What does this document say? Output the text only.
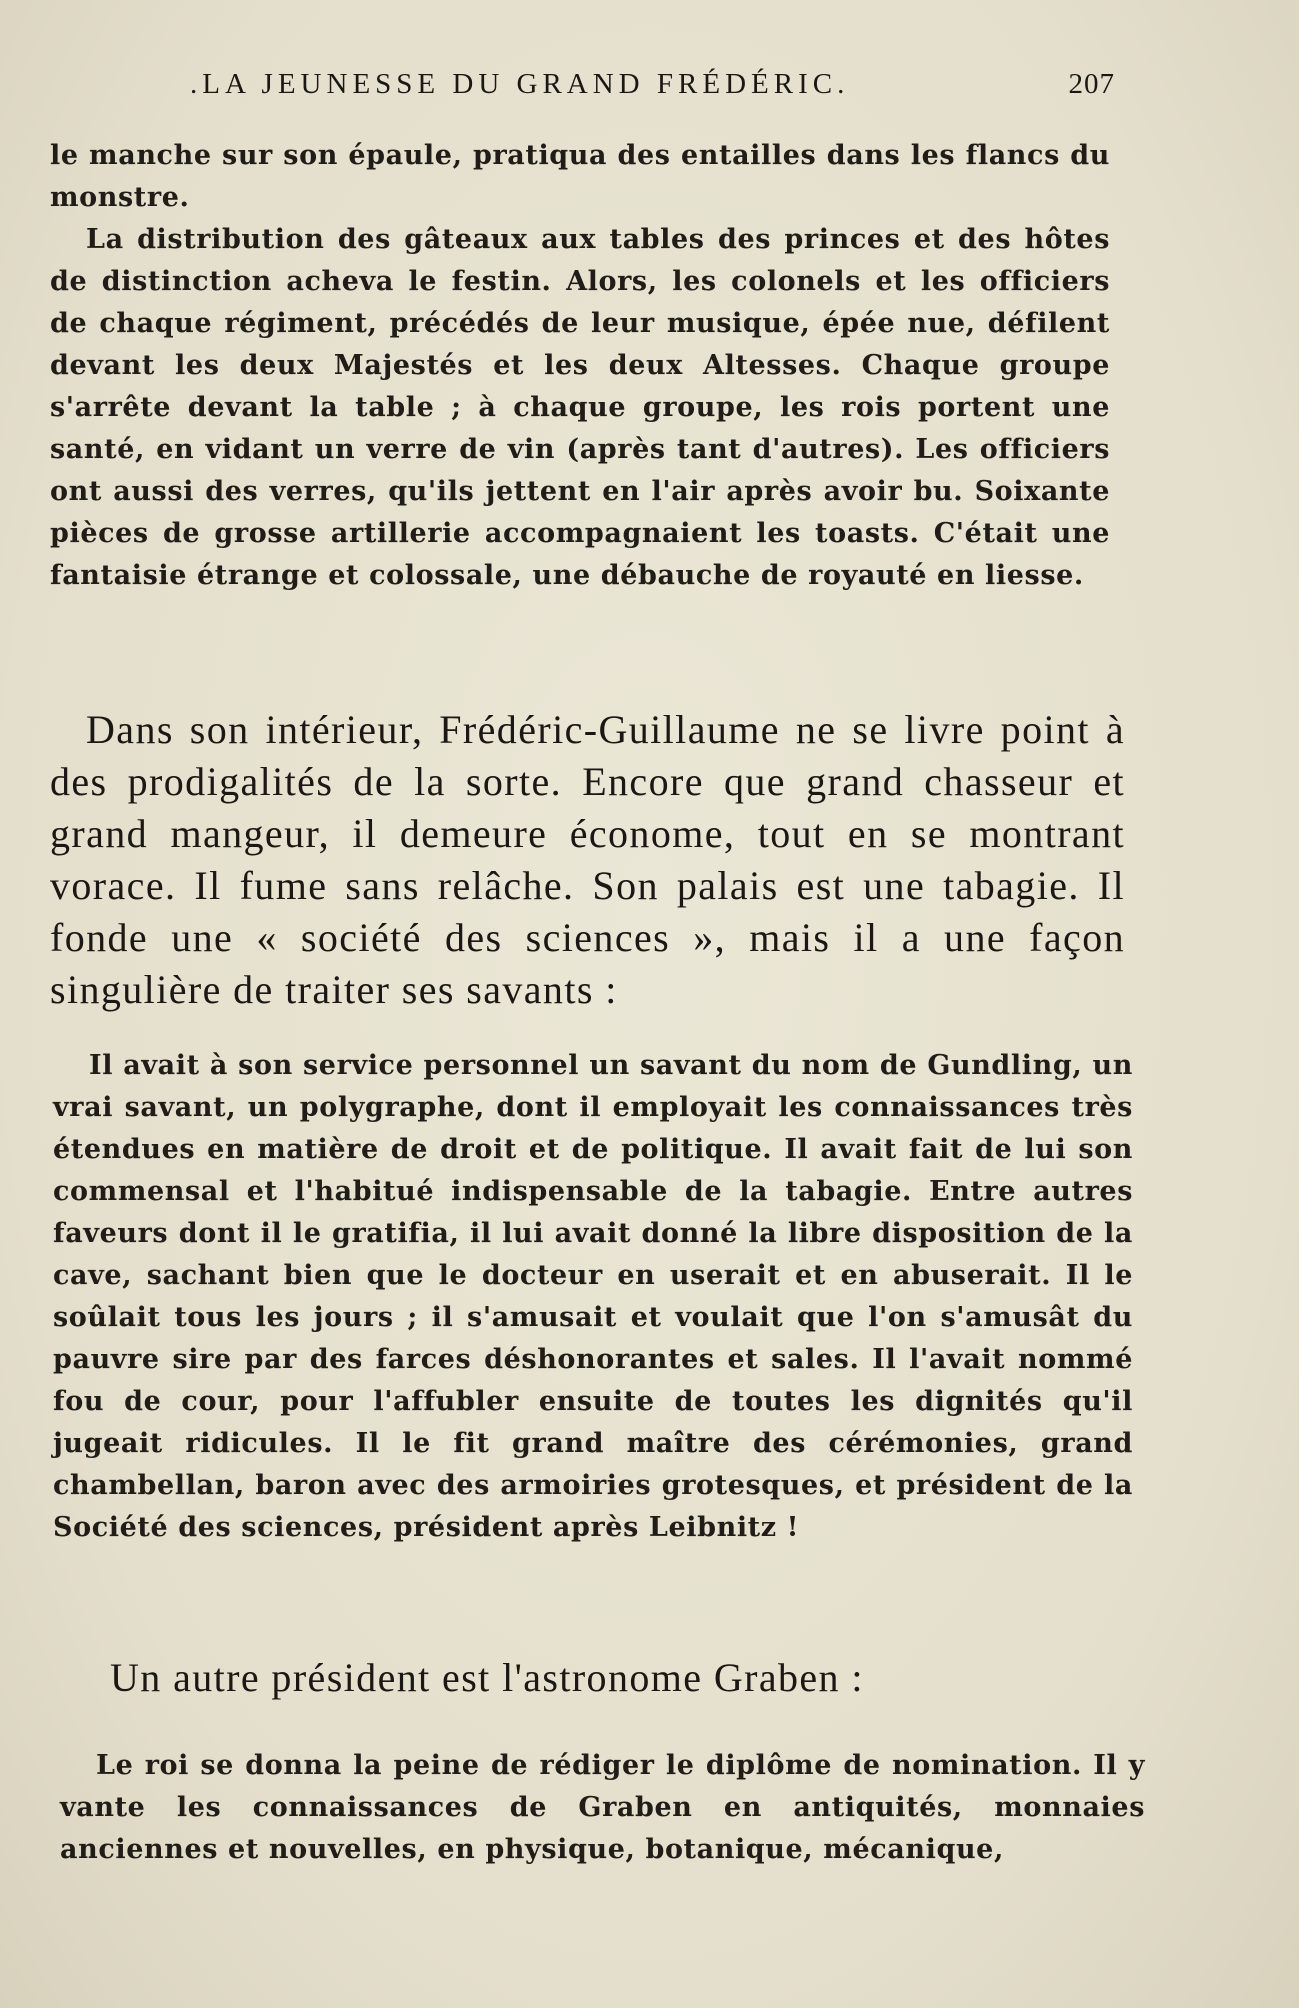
.LA JEUNESSE DU GRAND FRÉDÉRIC.	207

le manche sur son épaule, pratiqua des entailles dans les flancs du monstre.

La distribution des gâteaux aux tables des princes et des hôtes de distinction acheva le festin. Alors, les colonels et les officiers de chaque régiment, précédés de leur musique, épée nue, défilent devant les deux Majestés et les deux Altesses. Chaque groupe s'arrête devant la table ; à chaque groupe, les rois portent une santé, en vidant un verre de vin (après tant d'autres). Les officiers ont aussi des verres, qu'ils jettent en l'air après avoir bu. Soixante pièces de grosse artillerie accompagnaient les toasts. C'était une fantaisie étrange et colossale, une débauche de royauté en liesse.

Dans son intérieur, Frédéric-Guillaume ne se livre point à des prodigalités de la sorte. Encore que grand chasseur et grand mangeur, il demeure économe, tout en se montrant vorace. Il fume sans relâche. Son palais est une tabagie. Il fonde une « société des sciences », mais il a une façon singulière de traiter ses savants :

Il avait à son service personnel un savant du nom de Gundling, un vrai savant, un polygraphe, dont il employait les connaissances très étendues en matière de droit et de politique. Il avait fait de lui son commensal et l'habitué indispensable de la tabagie. Entre autres faveurs dont il le gratifia, il lui avait donné la libre disposition de la cave, sachant bien que le docteur en userait et en abuserait. Il le soûlait tous les jours ; il s'amusait et voulait que l'on s'amusât du pauvre sire par des farces déshonorantes et sales. Il l'avait nommé fou de cour, pour l'affubler ensuite de toutes les dignités qu'il jugeait ridicules. Il le fit grand maître des cérémonies, grand chambellan, baron avec des armoiries grotesques, et président de la Société des sciences, président après Leibnitz !

Un autre président est l'astronome Graben :

Le roi se donna la peine de rédiger le diplôme de nomination. Il y vante les connaissances de Graben en antiquités, monnaies anciennes et nouvelles, en physique, botanique, mécanique,
